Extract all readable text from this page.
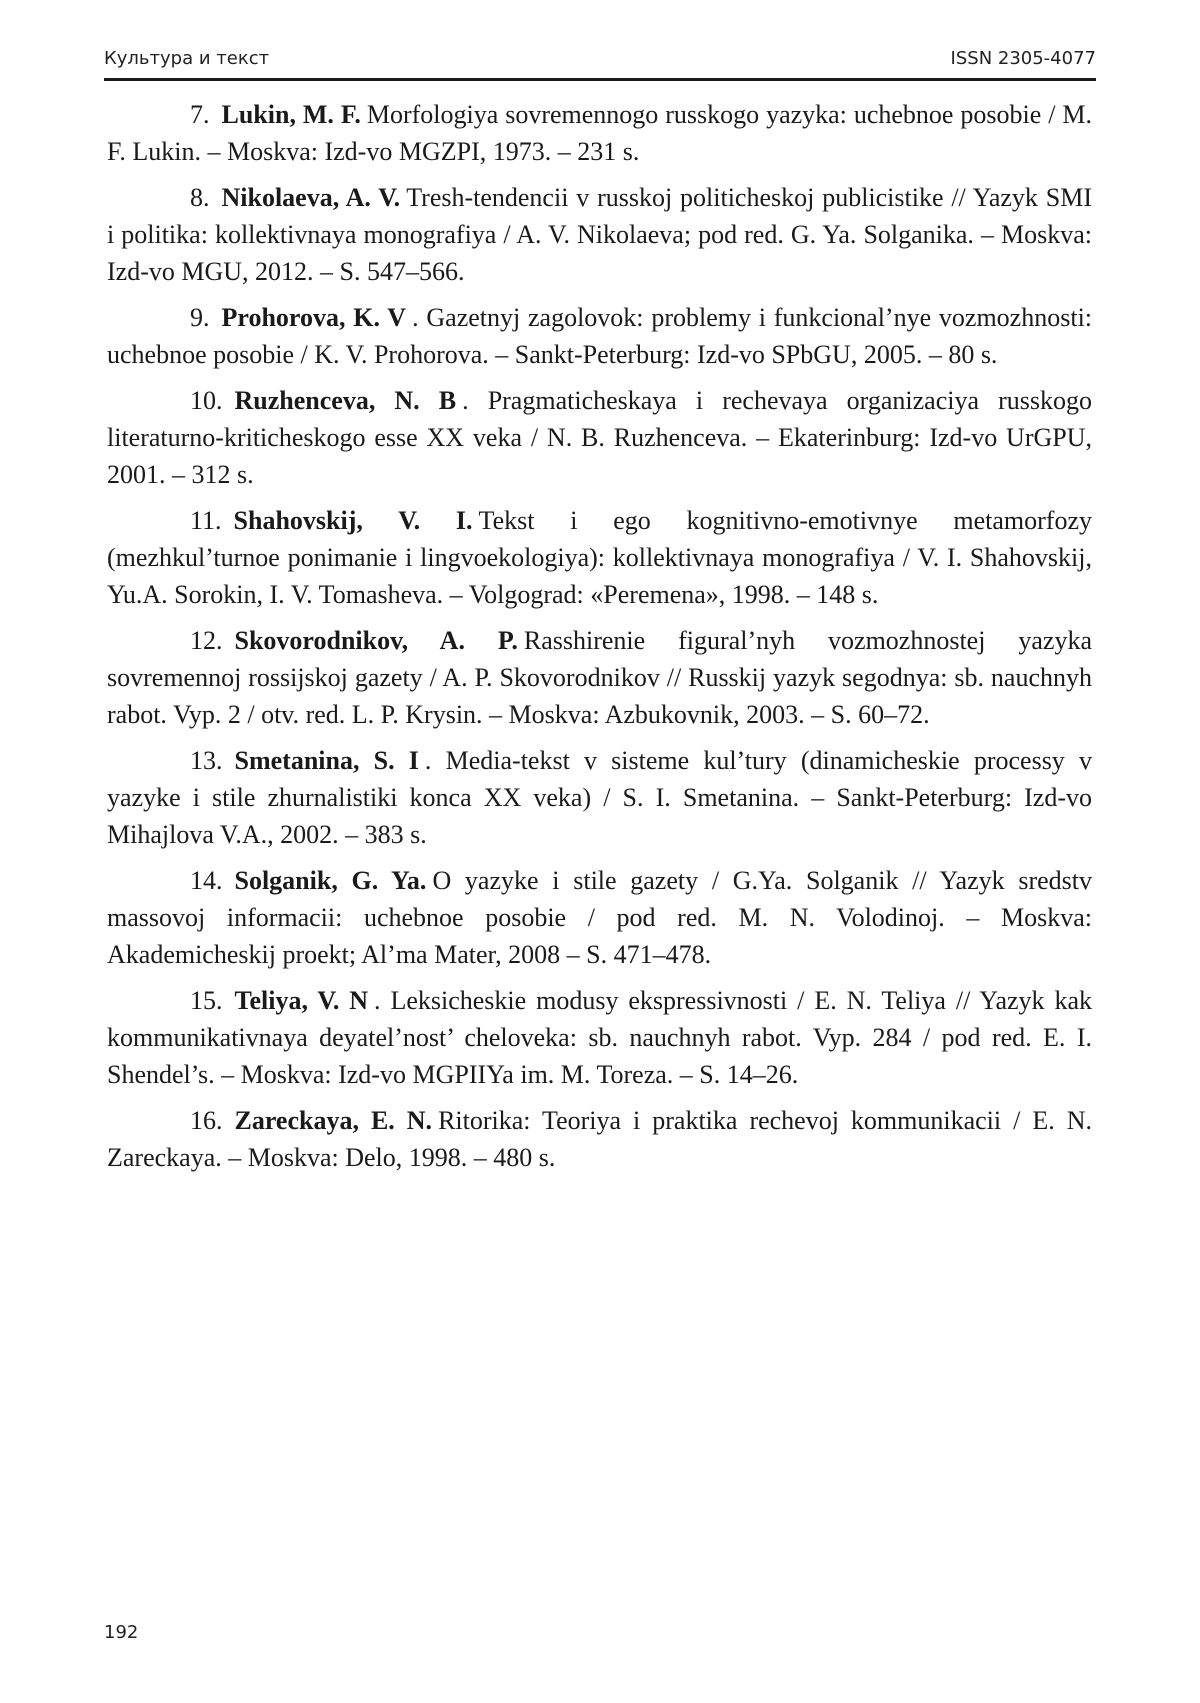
Культура и текст	ISSN 2305-4077

7. Lukin, M. F. Morfologiya sovremennogo russkogo yazyka: uchebnoe posobie / M. F. Lukin. – Moskva: Izd-vo MGZPI, 1973. – 231 s.

8. Nikolaeva, A. V. Tresh-tendencii v russkoj politicheskoj publicistike // Yazyk SMI i politika: kollektivnaya monografiya / A. V. Nikolaeva; pod red. G. Ya. Solganika. – Moskva: Izd-vo MGU, 2012. – S. 547–566.

9. Prohorova, K. V . Gazetnyj zagolovok: problemy i funkcional’nye vozmozhnosti: uchebnoe posobie / K. V. Prohorova. – Sankt-Peterburg: Izd-vo SPbGU, 2005. – 80 s.

10. Ruzhenceva, N. B . Pragmaticheskaya i rechevaya organizaciya russkogo literaturno-kriticheskogo esse XX veka / N. B. Ruzhenceva. – Ekaterinburg: Izd-vo UrGPU, 2001. – 312 s.

11. Shahovskij, V. I. Tekst i ego kognitivno-emotivnye metamorfozy (mezhkul’turnoe ponimanie i lingvoekologiya): kollektivnaya monografiya / V. I. Shahovskij, Yu.A. Sorokin, I. V. Tomasheva. – Volgograd: «Peremena», 1998. – 148 s.

12. Skovorodnikov, A. P. Rasshirenie figural’nyh vozmozhnostej yazyka sovremennoj rossijskoj gazety / A. P. Skovorodnikov // Russkij yazyk segodnya: sb. nauchnyh rabot. Vyp. 2 / otv. red. L. P. Krysin. – Moskva: Azbukovnik, 2003. – S. 60–72.

13. Smetanina, S. I . Media-tekst v sisteme kul’tury (dinamicheskie processy v yazyke i stile zhurnalistiki konca XX veka) / S. I. Smetanina. – Sankt-Peterburg: Izd-vo Mihajlova V.A., 2002. – 383 s.

14. Solganik, G. Ya. O yazyke i stile gazety / G.Ya. Solganik // Yazyk sredstv massovoj informacii: uchebnoe posobie / pod red. M. N. Volodinoj. – Moskva: Akademicheskij proekt; Al’ma Mater, 2008 – S. 471–478.

15. Teliya, V. N . Leksicheskie modusy ekspressivnosti / E. N. Teliya // Yazyk kak kommunikativnaya deyatel’nost’ cheloveka: sb. nauchnyh rabot. Vyp. 284 / pod red. E. I. Shendel’s. – Moskva: Izd-vo MGPIIYa im. M. Toreza. – S. 14–26.

16. Zareckaya, E. N. Ritorika: Teoriya i praktika rechevoj kommunikacii / E. N. Zareckaya. – Moskva: Delo, 1998. – 480 s.

192
